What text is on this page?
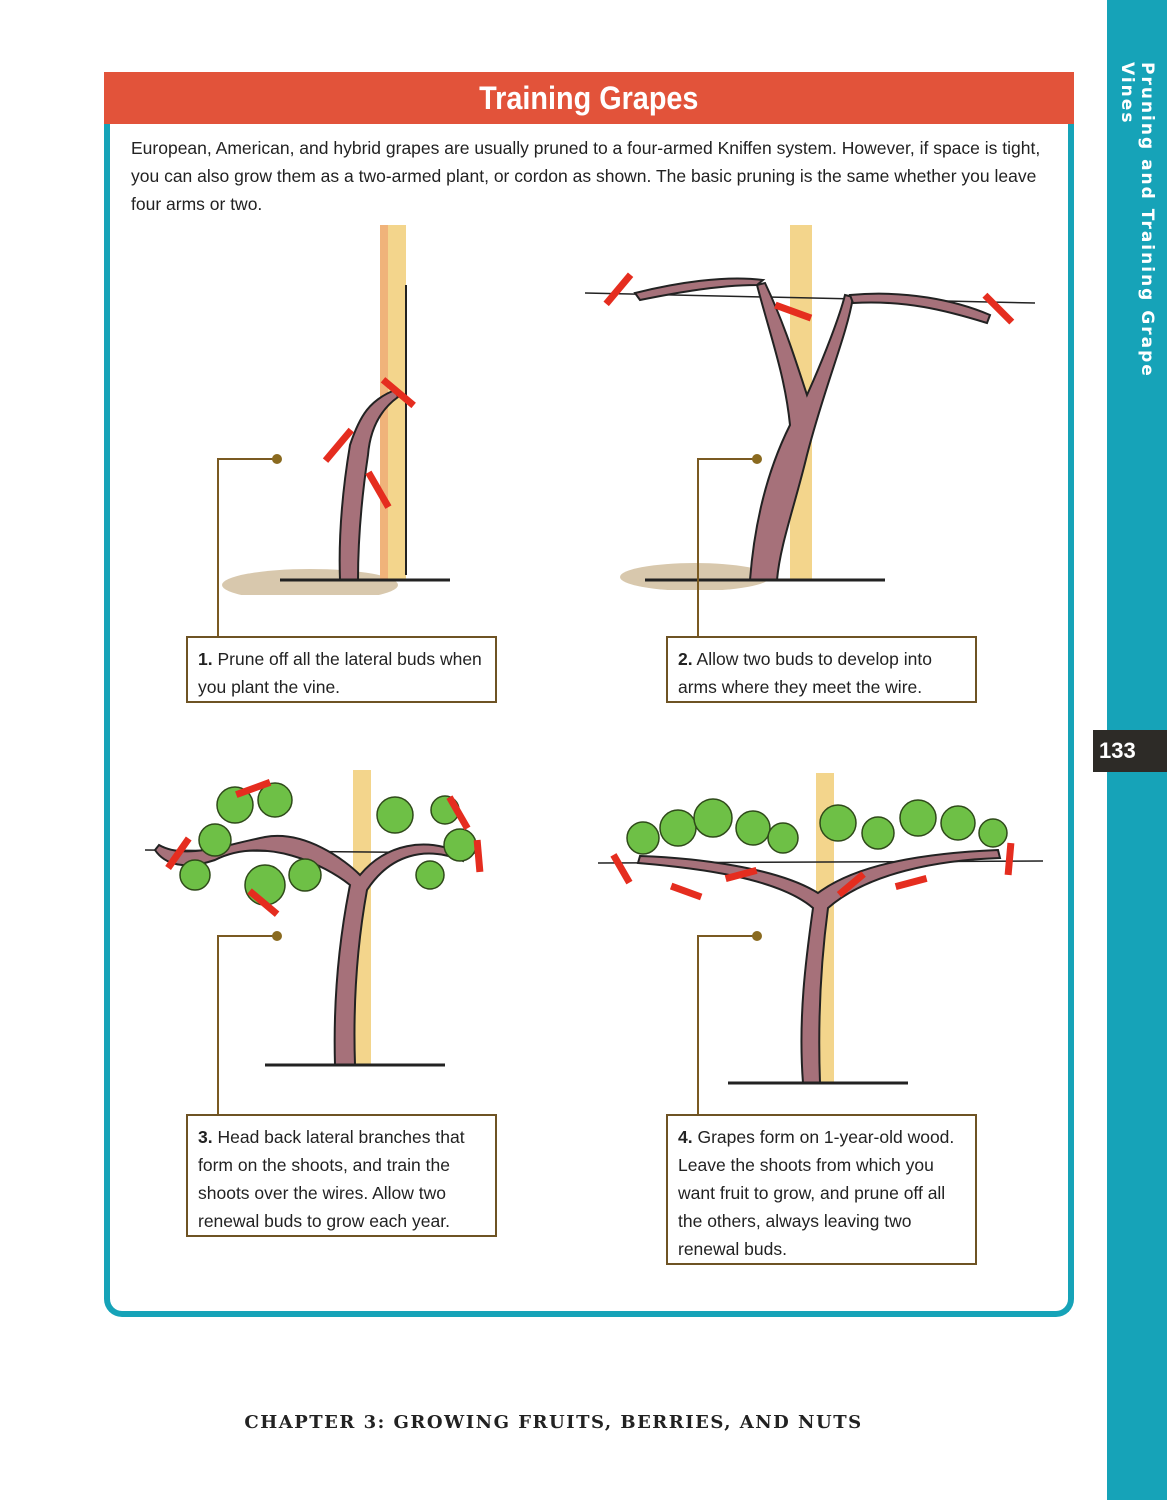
Pruning and Training Grape Vines
133
Training Grapes

European, American, and hybrid grapes are usually pruned to a four-armed Kniffen system. However, if space is tight, you can also grow them as a two-armed plant, or cordon as shown. The basic pruning is the same whether you leave four arms or two.

1. Prune off all the lateral buds when you plant the vine.
2. Allow two buds to develop into arms where they meet the wire.
3. Head back lateral branches that form on the shoots, and train the shoots over the wires. Allow two renewal buds to grow each year.
4. Grapes form on 1-year-old wood. Leave the shoots from which you want fruit to grow, and prune off all the others, always leaving two renewal buds.
CHAPTER 3: GROWING FRUITS, BERRIES, AND NUTS
